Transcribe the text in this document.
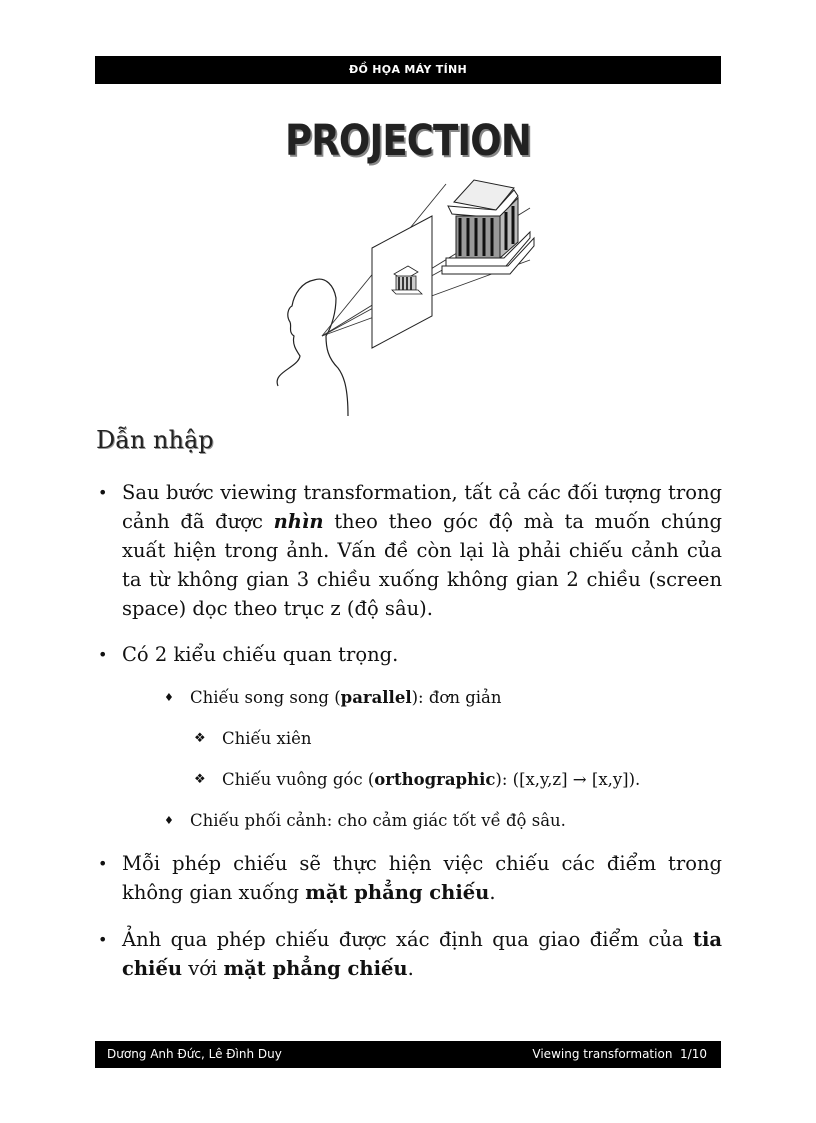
ĐỒ HỌA MÁY TÍNH
PROJECTION
Dẫn nhập
• Sau bước viewing transformation, tất cả các đối tượng trong cảnh đã được nhìn theo theo góc độ mà ta muốn chúng xuất hiện trong ảnh. Vấn đề còn lại là phải chiếu cảnh của ta từ không gian 3 chiều xuống không gian 2 chiều (screen space) dọc theo trục z (độ sâu).
• Có 2 kiểu chiếu quan trọng.
♦ Chiếu song song (parallel): đơn giản
❖ Chiếu xiên
❖ Chiếu vuông góc (orthographic): ([x,y,z] → [x,y]).
♦ Chiếu phối cảnh: cho cảm giác tốt về độ sâu.
• Mỗi phép chiếu sẽ thực hiện việc chiếu các điểm trong không gian xuống mặt phẳng chiếu.
• Ảnh qua phép chiếu được xác định qua giao điểm của tia chiếu với mặt phẳng chiếu.
Dương Anh Đức, Lê Đình Duy	Viewing transformation  1/10
